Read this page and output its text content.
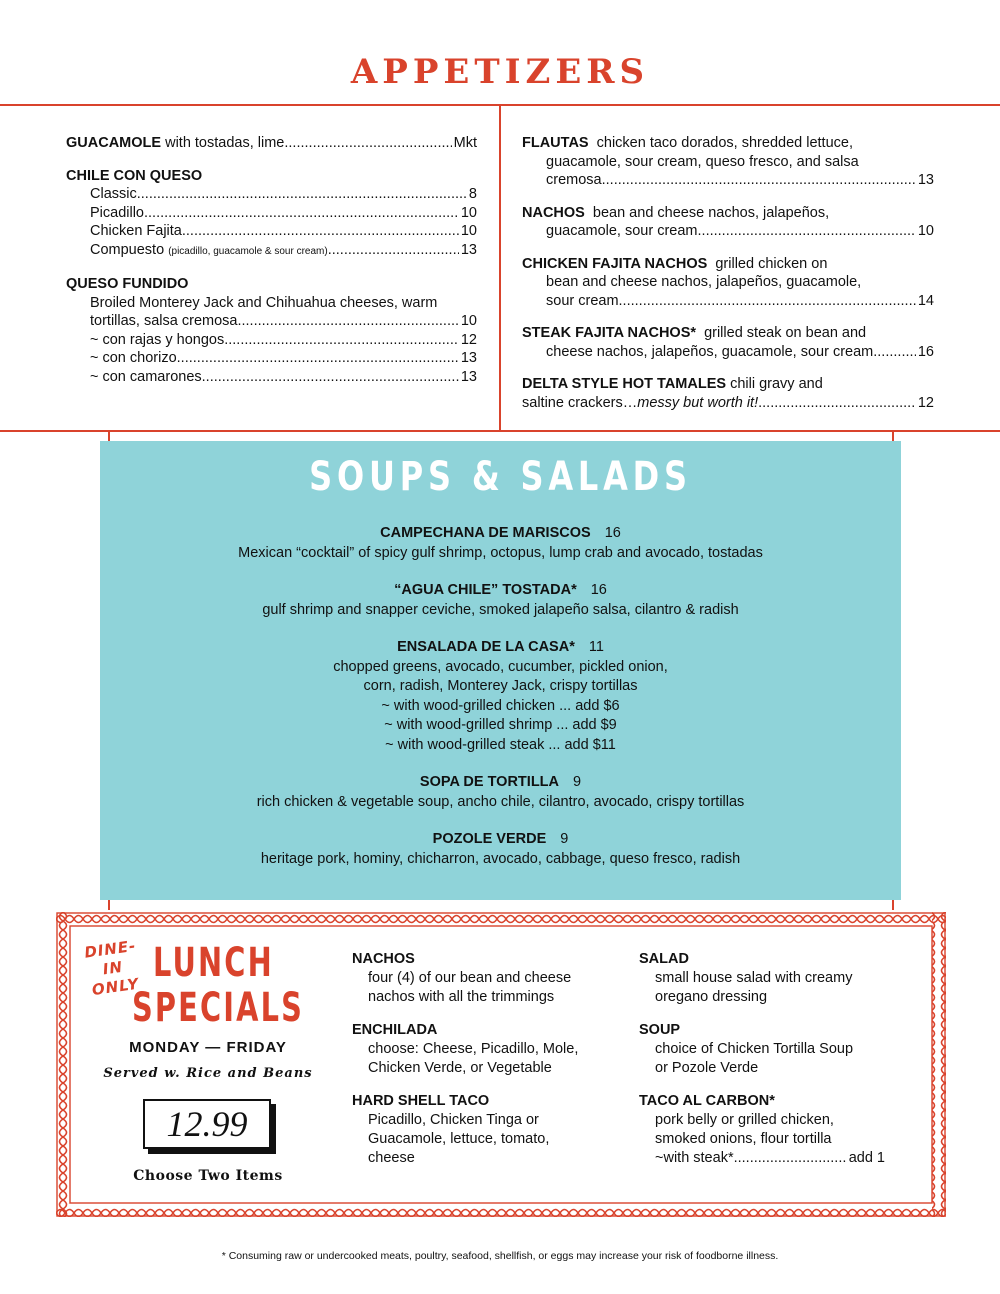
APPETIZERS
GUACAMOLE with tostadas, lime .....	Mkt
CHILE CON QUESO
Classic .....	8
Picadillo .....	10
Chicken Fajita .....	10
Compuesto (picadillo, guacamole & sour cream) .....	13
QUESO FUNDIDO
Broiled Monterey Jack and Chihuahua cheeses, warm
tortillas, salsa cremosa .....	10
~ con rajas y hongos .....	12
~ con chorizo .....	13
~ con camarones .....	13
FLAUTAS  chicken taco dorados, shredded lettuce,
guacamole, sour cream, queso fresco, and salsa
cremosa .....	13
NACHOS  bean and cheese nachos, jalapeños,
guacamole, sour cream .....	10
CHICKEN FAJITA NACHOS  grilled chicken on
bean and cheese nachos, jalapeños, guacamole,
sour cream .....	14
STEAK FAJITA NACHOS*  grilled steak on bean and
cheese nachos, jalapeños, guacamole, sour cream .....	16
DELTA STYLE HOT TAMALES chili gravy and
saltine crackers…messy but worth it! .....	12
SOUPS & SALADS
CAMPECHANA DE MARISCOS 16
Mexican “cocktail” of spicy gulf shrimp, octopus, lump crab and avocado, tostadas
“AGUA CHILE” TOSTADA* 16
gulf shrimp and snapper ceviche, smoked jalapeño salsa, cilantro & radish
ENSALADA DE LA CASA* 11
chopped greens, avocado, cucumber, pickled onion,
corn, radish, Monterey Jack, crispy tortillas
~ with wood-grilled chicken ... add $6
~ with wood-grilled shrimp ... add $9
~ with wood-grilled steak ... add $11
SOPA DE TORTILLA 9
rich chicken & vegetable soup, ancho chile, cilantro, avocado, crispy tortillas
POZOLE VERDE 9
heritage pork, hominy, chicharron, avocado, cabbage, queso fresco, radish
DINE-IN
ONLY
LUNCH
SPECIALS
MONDAY — FRIDAY
Served w. Rice and Beans
12.99
Choose Two Items
NACHOS
four (4) of our bean and cheese
nachos with all the trimmings
ENCHILADA
choose: Cheese, Picadillo, Mole,
Chicken Verde, or Vegetable
HARD SHELL TACO
Picadillo, Chicken Tinga or
Guacamole, lettuce, tomato,
cheese
SALAD
small house salad with creamy
oregano dressing
SOUP
choice of Chicken Tortilla Soup
or Pozole Verde
TACO AL CARBON*
pork belly or grilled chicken,
smoked onions, flour tortilla
~with steak* .....	add 1
* Consuming raw or undercooked meats, poultry, seafood, shellfish, or eggs may increase your risk of foodborne illness.
